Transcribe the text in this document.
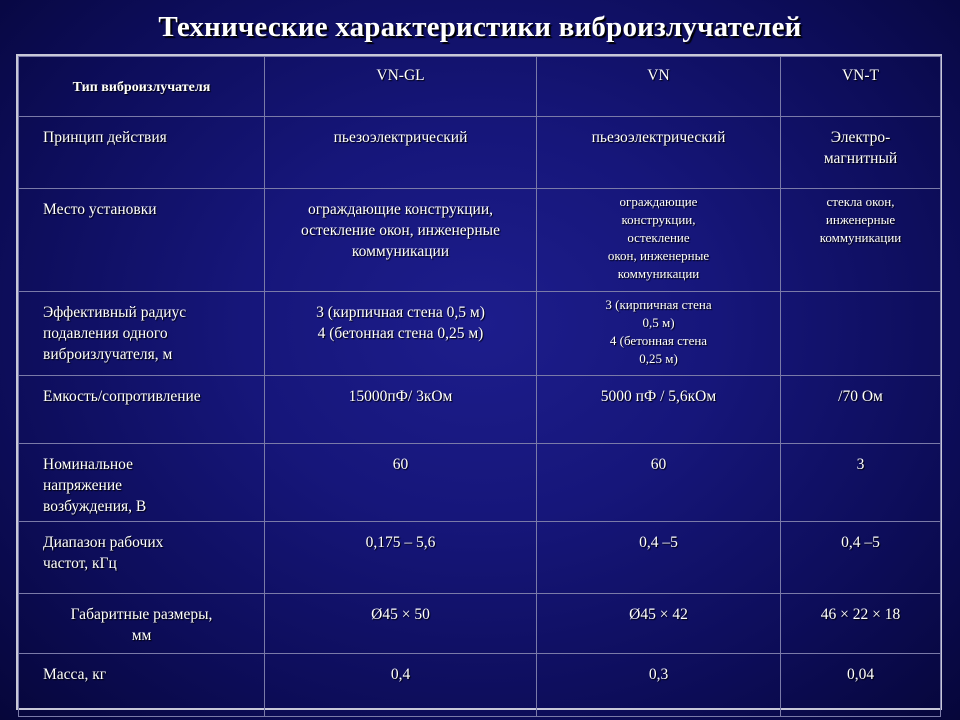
Технические характеристики виброизлучателей
Тип виброизлучателя	VN-GL	VN	VN-T

Принцип действия	пьезоэлектрический	пьезоэлектрический	Электро-
магнитный

Место установки	ограждающие конструкции,
остекление окон, инженерные
коммуникации	ограждающие
конструкции,
остекление
окон, инженерные
коммуникации	стекла окон,
инженерные
коммуникации

Эффективный радиус
подавления одного
виброизлучателя, м	3 (кирпичная стена 0,5 м)
4 (бетонная стена 0,25 м)	3 (кирпичная стена
0,5 м)
4 (бетонная стена
0,25 м)	

Емкость/сопротивление	15000пФ/ 3кОм	5000 пФ / 5,6кОм	/70 Ом

Номинальное
напряжение
возбуждения, В	60	60	3

Диапазон рабочих
частот, кГц	0,175 – 5,6	0,4 –5	0,4 –5

Габаритные размеры,
мм	Ø45 × 50	Ø45 × 42	46 × 22 × 18

Масса, кг	0,4	0,3	0,04
